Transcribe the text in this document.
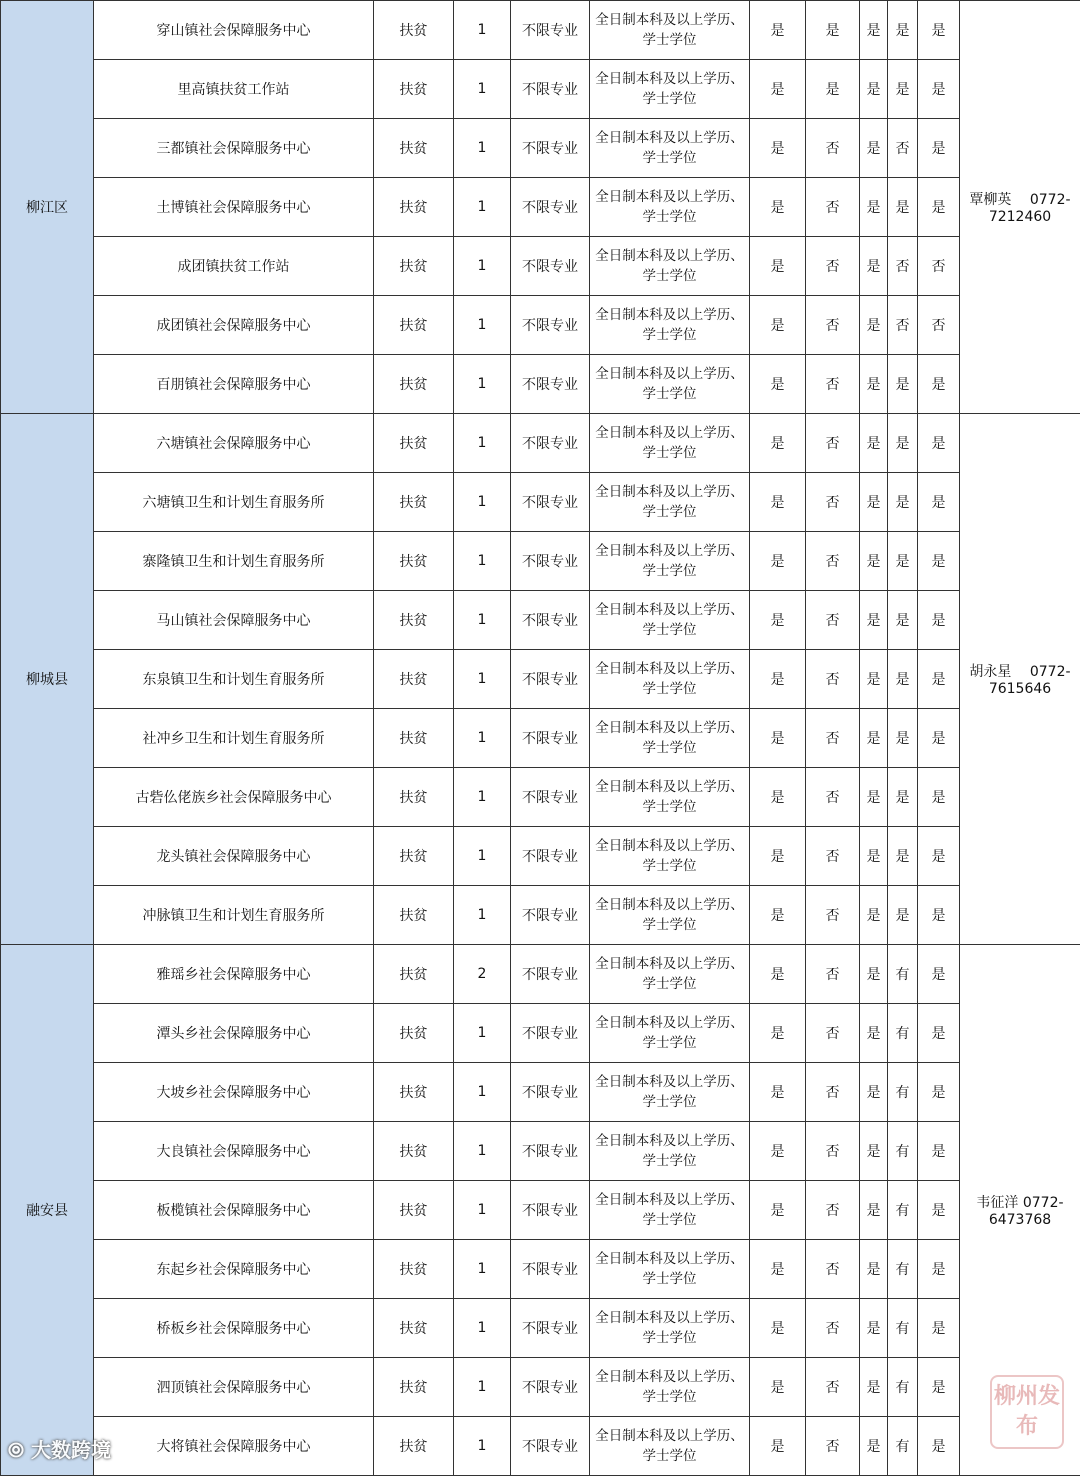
柳江区	穿山镇社会保障服务中心	扶贫	1	不限专业	全日制本科及以上学历、
学士学位	是	是	是	是	是	覃柳英　 0772-7212460
	里高镇扶贫工作站	扶贫	1	不限专业	全日制本科及以上学历、
学士学位	是	是	是	是	是	
	三都镇社会保障服务中心	扶贫	1	不限专业	全日制本科及以上学历、
学士学位	是	否	是	否	是	
	土博镇社会保障服务中心	扶贫	1	不限专业	全日制本科及以上学历、
学士学位	是	否	是	是	是	
	成团镇扶贫工作站	扶贫	1	不限专业	全日制本科及以上学历、
学士学位	是	否	是	否	否	
	成团镇社会保障服务中心	扶贫	1	不限专业	全日制本科及以上学历、
学士学位	是	否	是	否	否	
	百朋镇社会保障服务中心	扶贫	1	不限专业	全日制本科及以上学历、
学士学位	是	否	是	是	是	
柳城县	六塘镇社会保障服务中心	扶贫	1	不限专业	全日制本科及以上学历、
学士学位	是	否	是	是	是	胡永星　 0772-7615646
	六塘镇卫生和计划生育服务所	扶贫	1	不限专业	全日制本科及以上学历、
学士学位	是	否	是	是	是	
	寨隆镇卫生和计划生育服务所	扶贫	1	不限专业	全日制本科及以上学历、
学士学位	是	否	是	是	是	
	马山镇社会保障服务中心	扶贫	1	不限专业	全日制本科及以上学历、
学士学位	是	否	是	是	是	
	东泉镇卫生和计划生育服务所	扶贫	1	不限专业	全日制本科及以上学历、
学士学位	是	否	是	是	是	
	社冲乡卫生和计划生育服务所	扶贫	1	不限专业	全日制本科及以上学历、
学士学位	是	否	是	是	是	
	古砦仫佬族乡社会保障服务中心	扶贫	1	不限专业	全日制本科及以上学历、
学士学位	是	否	是	是	是	
	龙头镇社会保障服务中心	扶贫	1	不限专业	全日制本科及以上学历、
学士学位	是	否	是	是	是	
	冲脉镇卫生和计划生育服务所	扶贫	1	不限专业	全日制本科及以上学历、
学士学位	是	否	是	是	是	
融安县	雅瑶乡社会保障服务中心	扶贫	2	不限专业	全日制本科及以上学历、
学士学位	是	否	是	有	是	韦征洋 0772-6473768
	潭头乡社会保障服务中心	扶贫	1	不限专业	全日制本科及以上学历、
学士学位	是	否	是	有	是	
	大坡乡社会保障服务中心	扶贫	1	不限专业	全日制本科及以上学历、
学士学位	是	否	是	有	是	
	大良镇社会保障服务中心	扶贫	1	不限专业	全日制本科及以上学历、
学士学位	是	否	是	有	是	
	板榄镇社会保障服务中心	扶贫	1	不限专业	全日制本科及以上学历、
学士学位	是	否	是	有	是	
	东起乡社会保障服务中心	扶贫	1	不限专业	全日制本科及以上学历、
学士学位	是	否	是	有	是	
	桥板乡社会保障服务中心	扶贫	1	不限专业	全日制本科及以上学历、
学士学位	是	否	是	有	是	
	泗顶镇社会保障服务中心	扶贫	1	不限专业	全日制本科及以上学历、
学士学位	是	否	是	有	是	
	大将镇社会保障服务中心	扶贫	1	不限专业	全日制本科及以上学历、
学士学位	是	否	是	有	是	
⦾ 大数跨境
柳州发布
